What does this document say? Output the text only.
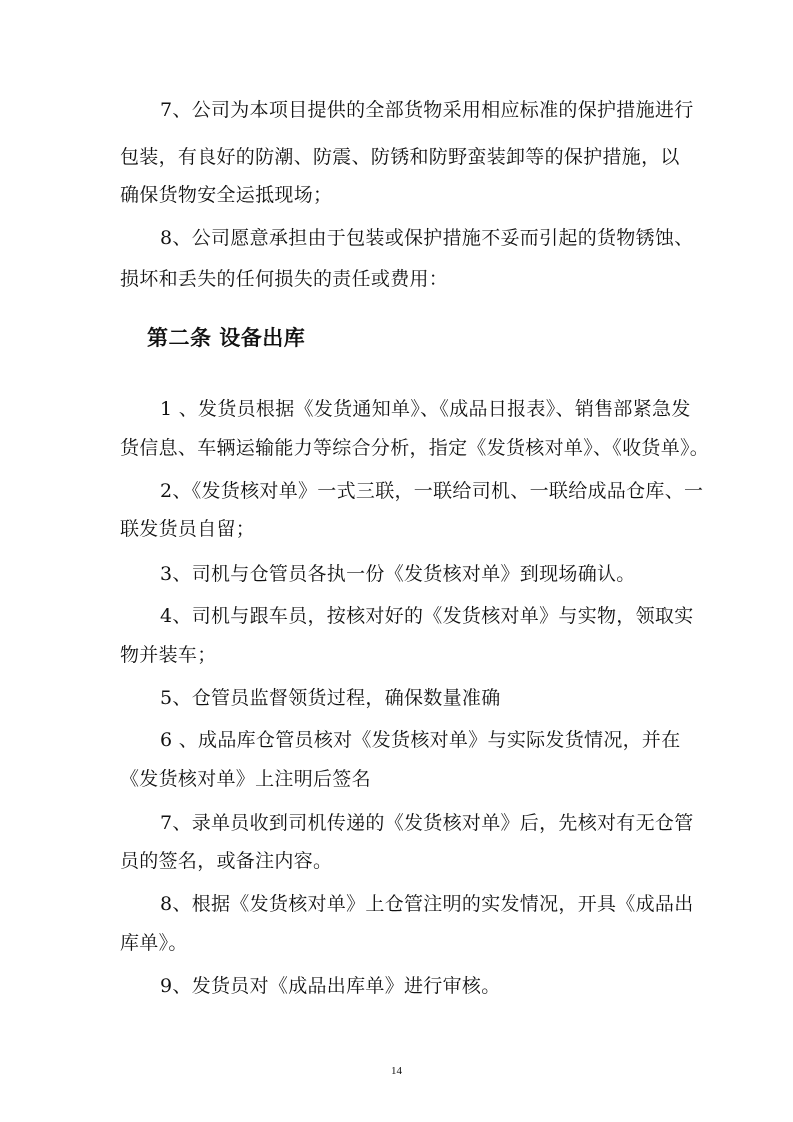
7、公司为本项目提供的全部货物采用相应标准的保护措施进行
包装，有良好的防潮、防震、防锈和防野蛮装卸等的保护措施，以
确保货物安全运抵现场；
8、公司愿意承担由于包装或保护措施不妥而引起的货物锈蚀、
损坏和丢失的任何损失的责任或费用：
第二条 设备出库
1 、发货员根据《发货通知单》、《成品日报表》、销售部紧急发
货信息、车辆运输能力等综合分析，指定《发货核对单》、《收货单》。
2、《发货核对单》一式三联，一联给司机、一联给成品仓库、一
联发货员自留；
3、司机与仓管员各执一份《发货核对单》到现场确认。
4、司机与跟车员，按核对好的《发货核对单》与实物，领取实
物并装车；
5、仓管员监督领货过程，确保数量准确
6 、成品库仓管员核对《发货核对单》与实际发货情况，并在
《发货核对单》上注明后签名
7、录单员收到司机传递的《发货核对单》后，先核对有无仓管
员的签名，或备注内容。
8、根据《发货核对单》上仓管注明的实发情况，开具《成品出
库单》。
9、发货员对《成品出库单》进行审核。
14
